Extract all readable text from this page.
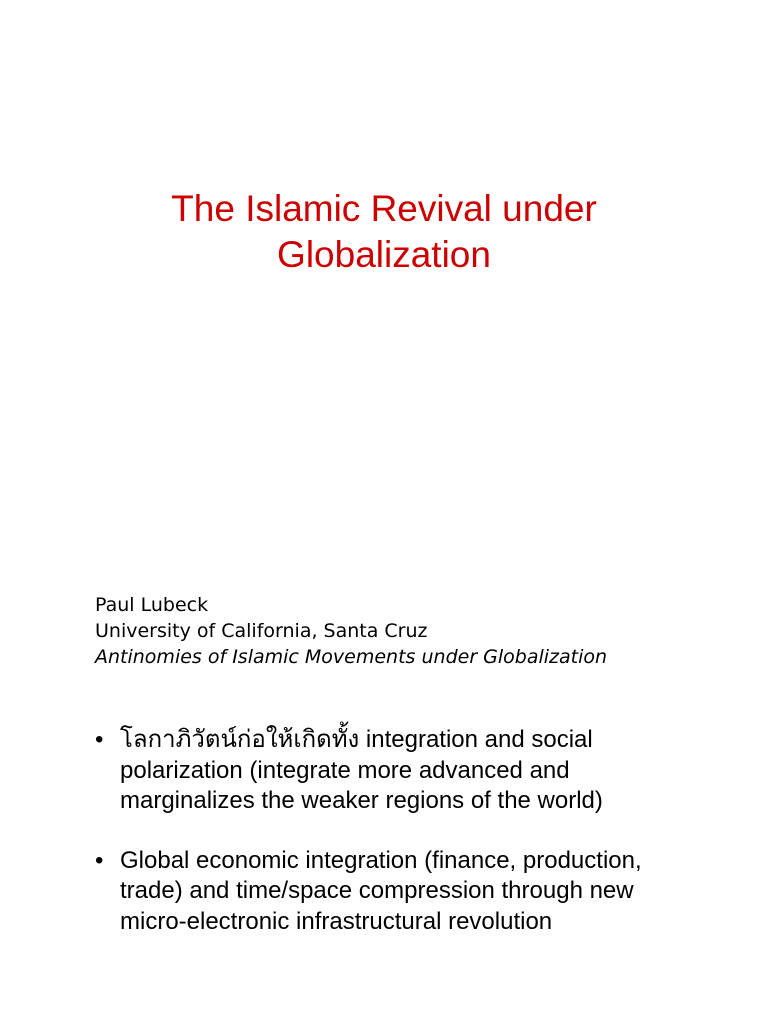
The Islamic Revival under
Globalization
Paul Lubeck
University of California, Santa Cruz
Antinomies of Islamic Movements under Globalization
• โลกาภิวัตน์ก่อให้เกิดทั้ง integration and social polarization (integrate more advanced and marginalizes the weaker regions of the world)
• Global economic integration (finance, production, trade) and time/space compression through new micro-electronic infrastructural revolution
